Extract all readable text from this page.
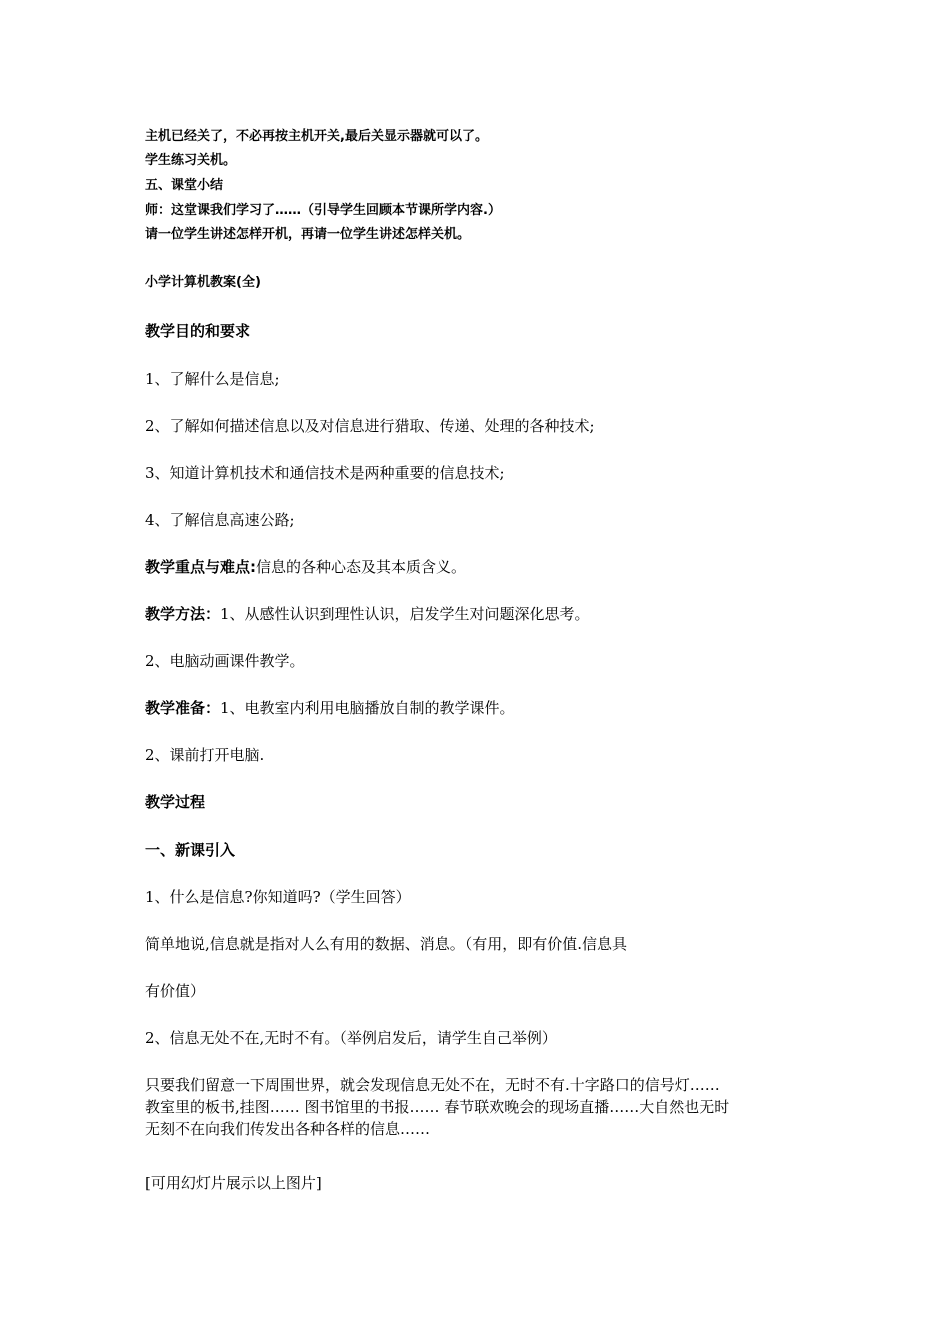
主机已经关了，不必再按主机开关,最后关显示器就可以了。
学生练习关机。
五、课堂小结
师：这堂课我们学习了……（引导学生回顾本节课所学内容.）
请一位学生讲述怎样开机，再请一位学生讲述怎样关机。
小学计算机教案(全)
教学目的和要求
1、了解什么是信息;
2、了解如何描述信息以及对信息进行猎取、传递、处理的各种技术;
3、知道计算机技术和通信技术是两种重要的信息技术;
4、了解信息高速公路;
教学重点与难点:信息的各种心态及其本质含义。
教学方法：1、从感性认识到理性认识，启发学生对问题深化思考。
2、电脑动画课件教学。
教学准备：1、电教室内利用电脑播放自制的教学课件。
2、课前打开电脑.
教学过程
一、新课引入
1、什么是信息?你知道吗?（学生回答）
简单地说,信息就是指对人么有用的数据、消息。（有用，即有价值.信息具
有价值）
2、信息无处不在,无时不有。（举例启发后，请学生自己举例）
只要我们留意一下周围世界，就会发现信息无处不在，无时不有.十字路口的信号灯……
教室里的板书,挂图…… 图书馆里的书报…… 春节联欢晚会的现场直播……大自然也无时
无刻不在向我们传发出各种各样的信息……
[可用幻灯片展示以上图片]
